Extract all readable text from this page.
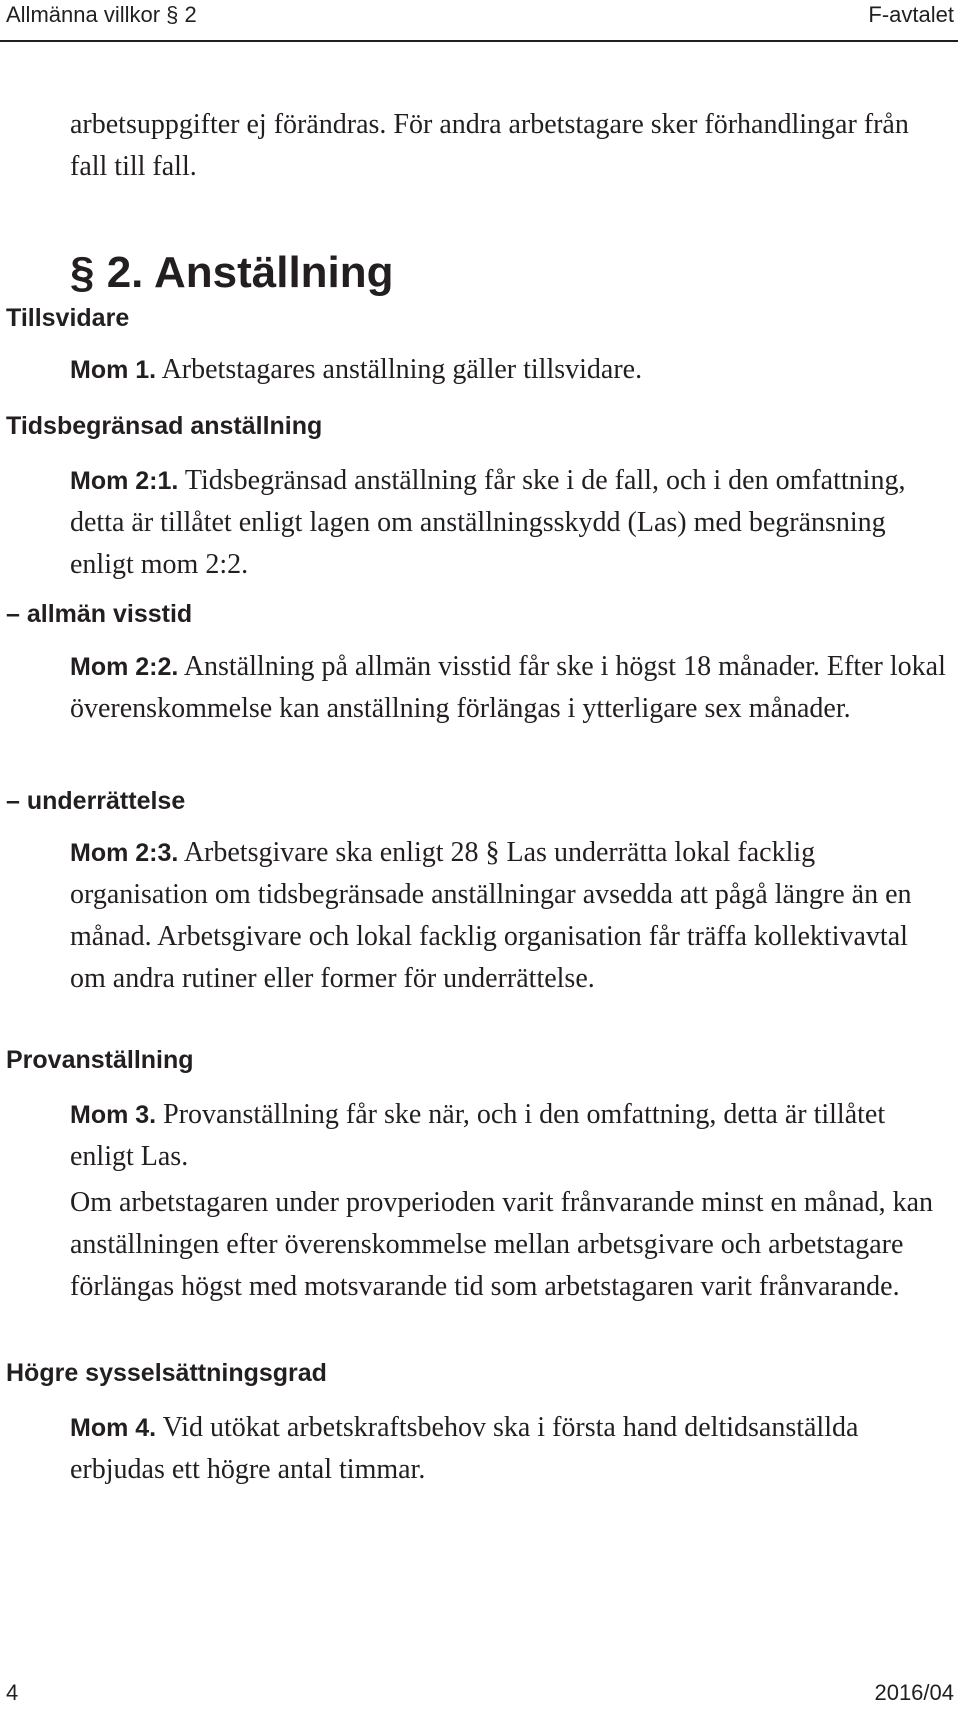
Allmänna villkor § 2	F-avtalet

arbetsuppgifter ej förändras. För andra arbetstagare sker förhandlingar från fall till fall.

§ 2. Anställning

Tillsvidare

Mom 1. Arbetstagares anställning gäller tillsvidare.

Tidsbegränsad anställning

Mom 2:1. Tidsbegränsad anställning får ske i de fall, och i den omfattning, detta är tillåtet enligt lagen om anställningsskydd (Las) med begränsning enligt mom 2:2.

– allmän visstid

Mom 2:2. Anställning på allmän visstid får ske i högst 18 månader. Efter lokal överenskommelse kan anställning förlängas i ytterligare sex månader.

– underrättelse

Mom 2:3. Arbetsgivare ska enligt 28 § Las underrätta lokal facklig organisation om tidsbegränsade anställningar avsedda att pågå längre än en månad. Arbetsgivare och lokal facklig organisation får träffa kollektivavtal om andra rutiner eller former för underrättelse.

Provanställning

Mom 3. Provanställning får ske när, och i den omfattning, detta är tillåtet enligt Las.

Om arbetstagaren under provperioden varit frånvarande minst en månad, kan anställningen efter överenskommelse mellan arbetsgivare och arbetstagare förlängas högst med motsvarande tid som arbetstagaren varit frånvarande.

Högre sysselsättningsgrad

Mom 4. Vid utökat arbetskraftsbehov ska i första hand deltidsanställda erbjudas ett högre antal timmar.

4	2016/04
